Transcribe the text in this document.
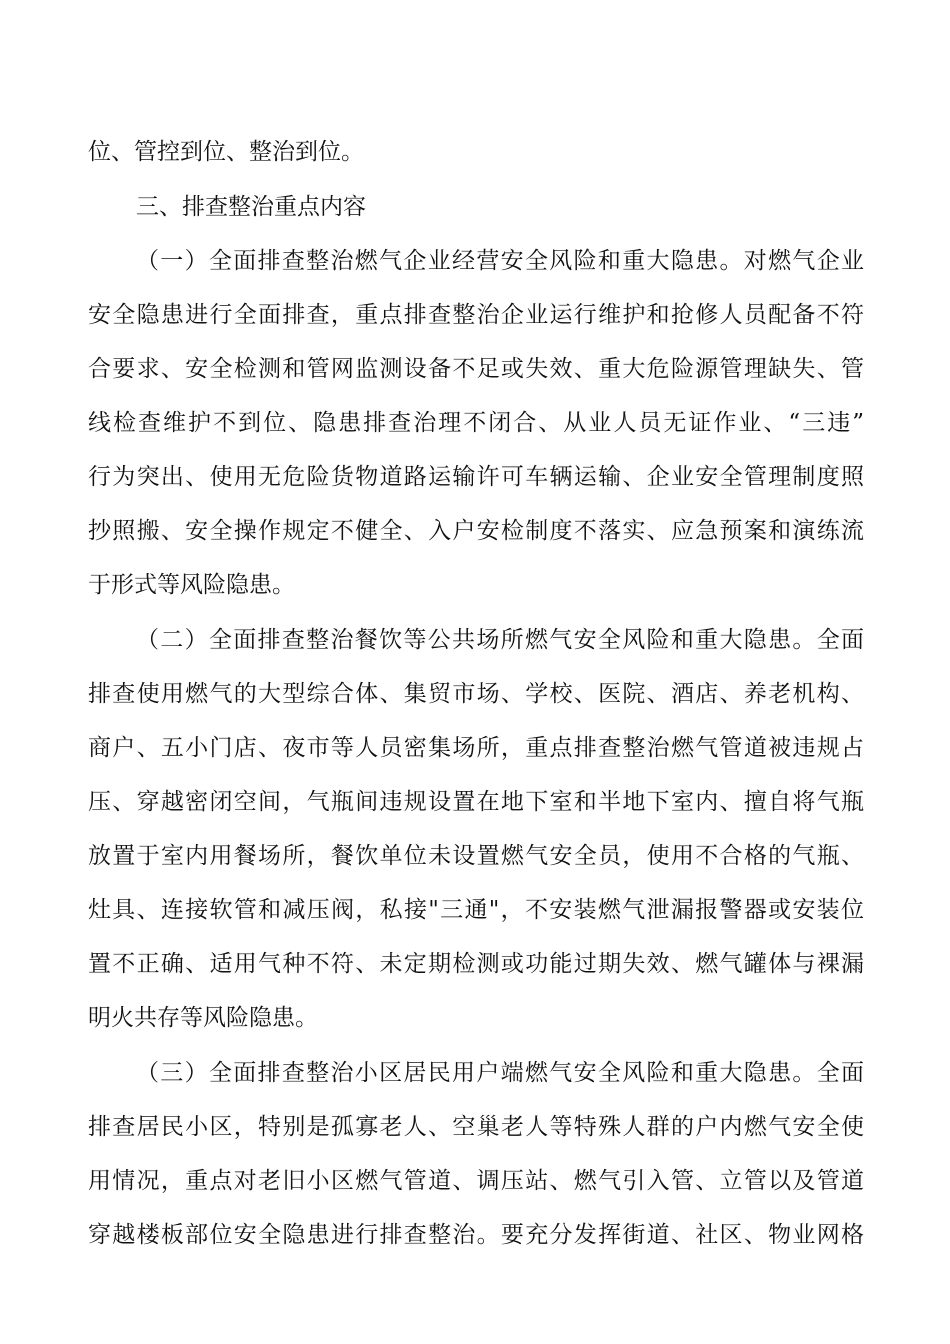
位、管控到位、整治到位。
三、排查整治重点内容
（一）全面排查整治燃气企业经营安全风险和重大隐患。对燃气企业
安全隐患进行全面排查，重点排查整治企业运行维护和抢修人员配备不符
合要求、安全检测和管网监测设备不足或失效、重大危险源管理缺失、管
线检查维护不到位、隐患排查治理不闭合、从业人员无证作业、“三违”
行为突出、使用无危险货物道路运输许可车辆运输、企业安全管理制度照
抄照搬、安全操作规定不健全、入户安检制度不落实、应急预案和演练流
于形式等风险隐患。
（二）全面排查整治餐饮等公共场所燃气安全风险和重大隐患。全面
排查使用燃气的大型综合体、集贸市场、学校、医院、酒店、养老机构、
商户、五小门店、夜市等人员密集场所，重点排查整治燃气管道被违规占
压、穿越密闭空间，气瓶间违规设置在地下室和半地下室内、擅自将气瓶
放置于室内用餐场所，餐饮单位未设置燃气安全员，使用不合格的气瓶、
灶具、连接软管和减压阀，私接"三通"，不安装燃气泄漏报警器或安装位
置不正确、适用气种不符、未定期检测或功能过期失效、燃气罐体与裸漏
明火共存等风险隐患。
（三）全面排查整治小区居民用户端燃气安全风险和重大隐患。全面
排查居民小区，特别是孤寡老人、空巢老人等特殊人群的户内燃气安全使
用情况，重点对老旧小区燃气管道、调压站、燃气引入管、立管以及管道
穿越楼板部位安全隐患进行排查整治。要充分发挥街道、社区、物业网格
